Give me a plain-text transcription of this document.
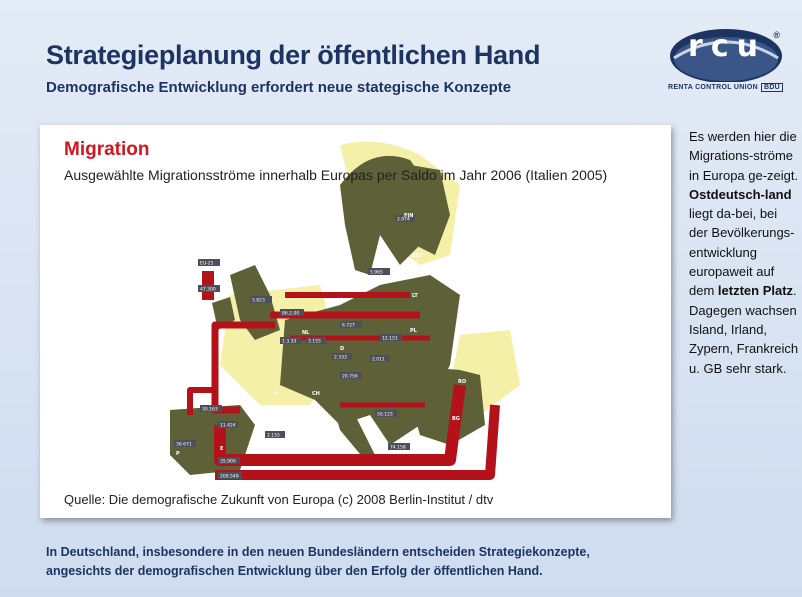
Strategieplanung der öffentlichen Hand
Demografische Entwicklung erfordert neue stategische Konzepte
rcu ®
RENTA CONTROL UNION BDU
EU-25
47.300
5.965
5.823
86.2.00
6.727
12.151
2.011
20.756
3.155
2.974
1.3.33
50.123
30.163
11.424
2.155
35.900
209.549
74.158
36.671
2.333
FIN
EST
LT
PL
NL
D
IRL
CH
RO
BG
P
E
F
Migration
Ausgewählte Migrationsströme innerhalb Europas per Saldo im Jahr 2006 (Italien 2005)
Quelle: Die demografische Zukunft von Europa (c) 2008 Berlin-Institut / dtv
Es werden hier die Migrations-ströme in Europa ge-zeigt. Ostdeutsch-land liegt da-bei, bei der Bevölkerungs-entwicklung europaweit auf dem letzten Platz. Dagegen wachsen Island, Irland, Zypern, Frankreich u. GB sehr stark.
In Deutschland, insbesondere in den neuen Bundesländern entscheiden Strategiekonzepte,
angesichts der demografischen Entwicklung über den Erfolg der öffentlichen Hand.
